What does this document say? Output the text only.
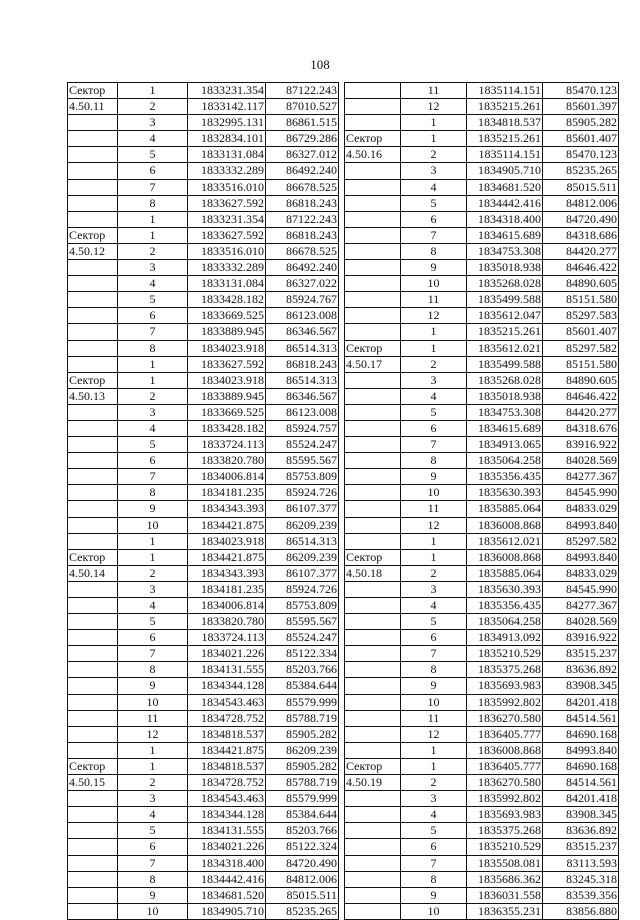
108
Сектор	1	1833231.354	87122.243
4.50.11	2	1833142.117	87010.527
	3	1832995.131	86861.515
	4	1832834.101	86729.286
	5	1833131.084	86327.012
	6	1833332.289	86492.240
	7	1833516.010	86678.525
	8	1833627.592	86818.243
	1	1833231.354	87122.243
Сектор	1	1833627.592	86818.243
4.50.12	2	1833516.010	86678.525
	3	1833332.289	86492.240
	4	1833131.084	86327.022
	5	1833428.182	85924.767
	6	1833669.525	86123.008
	7	1833889.945	86346.567
	8	1834023.918	86514.313
	1	1833627.592	86818.243
Сектор	1	1834023.918	86514.313
4.50.13	2	1833889.945	86346.567
	3	1833669.525	86123.008
	4	1833428.182	85924.757
	5	1833724.113	85524.247
	6	1833820.780	85595.567
	7	1834006.814	85753.809
	8	1834181.235	85924.726
	9	1834343.393	86107.377
	10	1834421.875	86209.239
	1	1834023.918	86514.313
Сектор	1	1834421.875	86209.239
4.50.14	2	1834343.393	86107.377
	3	1834181.235	85924.726
	4	1834006.814	85753.809
	5	1833820.780	85595.567
	6	1833724.113	85524.247
	7	1834021.226	85122.334
	8	1834131.555	85203.766
	9	1834344.128	85384.644
	10	1834543.463	85579.999
	11	1834728.752	85788.719
	12	1834818.537	85905.282
	1	1834421.875	86209.239
Сектор	1	1834818.537	85905.282
4.50.15	2	1834728.752	85788.719
	3	1834543.463	85579.999
	4	1834344.128	85384.644
	5	1834131.555	85203.766
	6	1834021.226	85122.324
	7	1834318.400	84720.490
	8	1834442.416	84812.006
	9	1834681.520	85015.511
	10	1834905.710	85235.265
	11	1835114.151	85470.123
	12	1835215.261	85601.397
	1	1834818.537	85905.282
Сектор	1	1835215.261	85601.407
4.50.16	2	1835114.151	85470.123
	3	1834905.710	85235.265
	4	1834681.520	85015.511
	5	1834442.416	84812.006
	6	1834318.400	84720.490
	7	1834615.689	84318.686
	8	1834753.308	84420.277
	9	1835018.938	84646.422
	10	1835268.028	84890.605
	11	1835499.588	85151.580
	12	1835612.047	85297.583
	1	1835215.261	85601.407
Сектор	1	1835612.021	85297.582
4.50.17	2	1835499.588	85151.580
	3	1835268.028	84890.605
	4	1835018.938	84646.422
	5	1834753.308	84420.277
	6	1834615.689	84318.676
	7	1834913.065	83916.922
	8	1835064.258	84028.569
	9	1835356.435	84277.367
	10	1835630.393	84545.990
	11	1835885.064	84833.029
	12	1836008.868	84993.840
	1	1835612.021	85297.582
Сектор	1	1836008.868	84993.840
4.50.18	2	1835885.064	84833.029
	3	1835630.393	84545.990
	4	1835356.435	84277.367
	5	1835064.258	84028.569
	6	1834913.092	83916.922
	7	1835210.529	83515.237
	8	1835375.268	83636.892
	9	1835693.983	83908.345
	10	1835992.802	84201.418
	11	1836270.580	84514.561
	12	1836405.777	84690.168
	1	1836008.868	84993.840
Сектор	1	1836405.777	84690.168
4.50.19	2	1836270.580	84514.561
	3	1835992.802	84201.418
	4	1835693.983	83908.345
	5	1835375.268	83636.892
	6	1835210.529	83515.237
	7	1835508.081	83113.593
	8	1835686.362	83245.318
	9	1836031.558	83539.356
	10	1836355.231	83856.880
